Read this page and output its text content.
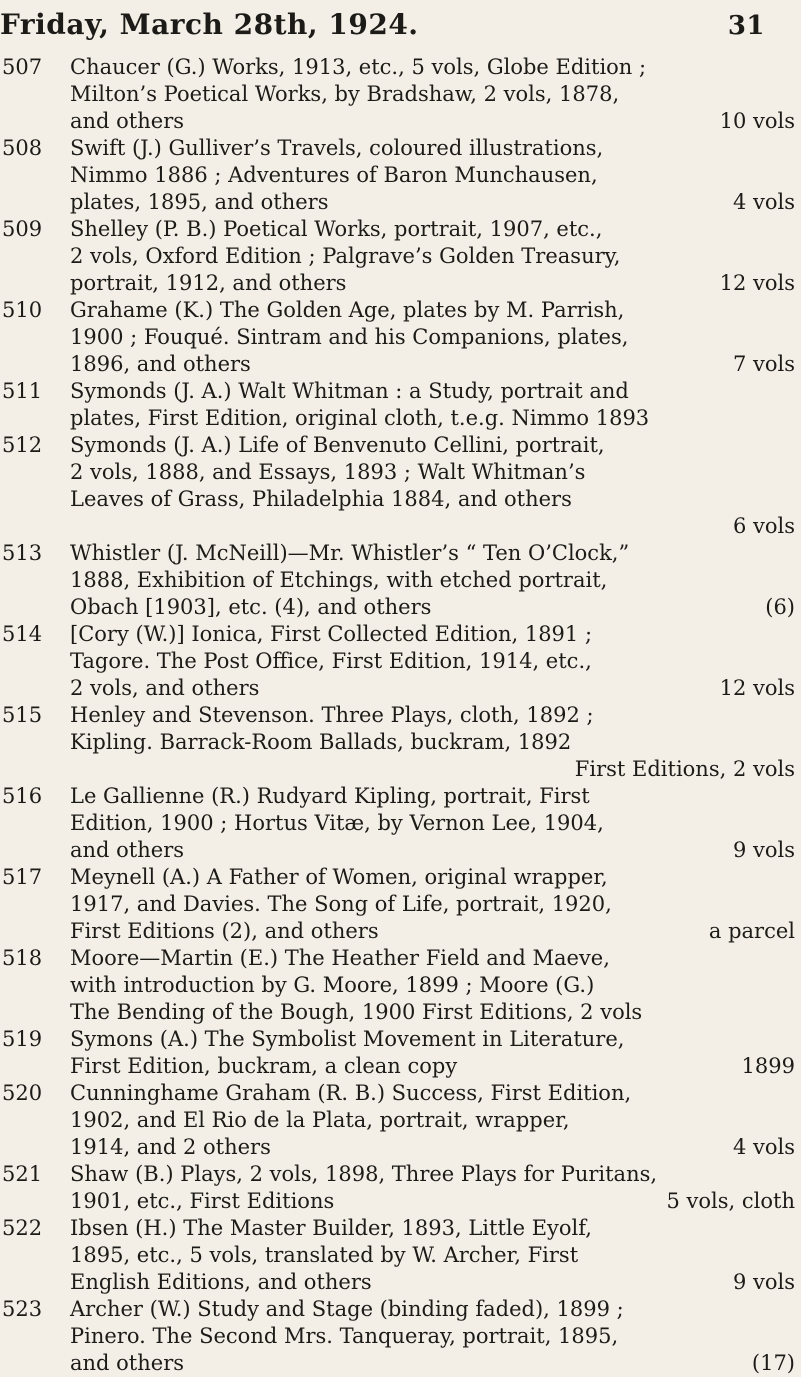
Friday, March 28th, 1924.	31
507	Chaucer (G.) Works, 1913, etc., 5 vols, Globe Edition ;
Milton’s Poetical Works, by Bradshaw, 2 vols, 1878,
and others	10 vols
508	Swift (J.) Gulliver’s Travels, coloured illustrations,
Nimmo 1886 ; Adventures of Baron Munchausen,
plates, 1895, and others	4 vols
509	Shelley (P. B.) Poetical Works, portrait, 1907, etc.,
2 vols, Oxford Edition ; Palgrave’s Golden Treasury,
portrait, 1912, and others	12 vols
510	Grahame (K.) The Golden Age, plates by M. Parrish,
1900 ; Fouqué. Sintram and his Companions, plates,
1896, and others	7 vols
511	Symonds (J. A.) Walt Whitman : a Study, portrait and
plates, First Edition, original cloth, t.e.g. Nimmo 1893
512	Symonds (J. A.) Life of Benvenuto Cellini, portrait,
2 vols, 1888, and Essays, 1893 ; Walt Whitman’s
Leaves of Grass, Philadelphia 1884, and others
6 vols
513	Whistler (J. McNeill)—Mr. Whistler’s “ Ten O’Clock,”
1888, Exhibition of Etchings, with etched portrait,
Obach [1903], etc. (4), and others	(6)
514	[Cory (W.)] Ionica, First Collected Edition, 1891 ;
Tagore. The Post Office, First Edition, 1914, etc.,
2 vols, and others	12 vols
515	Henley and Stevenson. Three Plays, cloth, 1892 ;
Kipling. Barrack-Room Ballads, buckram, 1892
First Editions, 2 vols
516	Le Gallienne (R.) Rudyard Kipling, portrait, First
Edition, 1900 ; Hortus Vitæ, by Vernon Lee, 1904,
and others	9 vols
517	Meynell (A.) A Father of Women, original wrapper,
1917, and Davies. The Song of Life, portrait, 1920,
First Editions (2), and others	a parcel
518	Moore—Martin (E.) The Heather Field and Maeve,
with introduction by G. Moore, 1899 ; Moore (G.)
The Bending of the Bough, 1900 First Editions, 2 vols
519	Symons (A.) The Symbolist Movement in Literature,
First Edition, buckram, a clean copy	1899
520	Cunninghame Graham (R. B.) Success, First Edition,
1902, and El Rio de la Plata, portrait, wrapper,
1914, and 2 others	4 vols
521	Shaw (B.) Plays, 2 vols, 1898, Three Plays for Puritans,
1901, etc., First Editions	5 vols, cloth
522	Ibsen (H.) The Master Builder, 1893, Little Eyolf,
1895, etc., 5 vols, translated by W. Archer, First
English Editions, and others	9 vols
523	Archer (W.) Study and Stage (binding faded), 1899 ;
Pinero. The Second Mrs. Tanqueray, portrait, 1895,
and others	(17)
